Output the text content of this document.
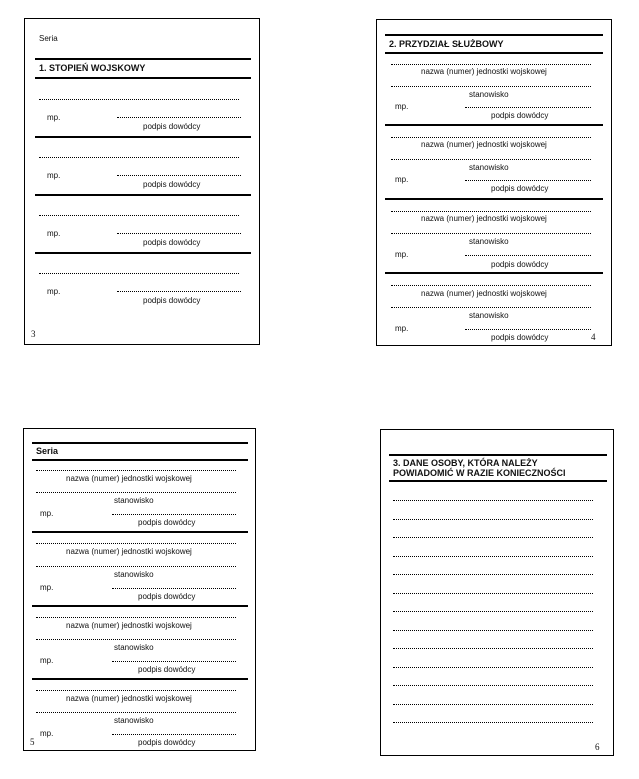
Seria
1. STOPIEŃ WOJSKOWY
mp.
podpis dowódcy
mp.
podpis dowódcy
mp.
podpis dowódcy
mp.
podpis dowódcy
3
2. PRZYDZIAŁ SŁUŻBOWY
nazwa (numer) jednostki wojskowej
stanowisko
mp.
podpis dowódcy
nazwa (numer) jednostki wojskowej
stanowisko
mp.
podpis dowódcy
nazwa (numer) jednostki wojskowej
stanowisko
mp.
podpis dowódcy
nazwa (numer) jednostki wojskowej
stanowisko
mp.
podpis dowódcy	4
Seria
nazwa (numer) jednostki wojskowej
stanowisko
mp.
podpis dowódcy
nazwa (numer) jednostki wojskowej
stanowisko
mp.
podpis dowódcy
nazwa (numer) jednostki wojskowej
stanowisko
mp.
podpis dowódcy
nazwa (numer) jednostki wojskowej
stanowisko
mp.
podpis dowódcy
5
3. DANE OSOBY, KTÓRA NALEŻY
POWIADOMIĆ W RAZIE KONIECZNOŚCI
6
